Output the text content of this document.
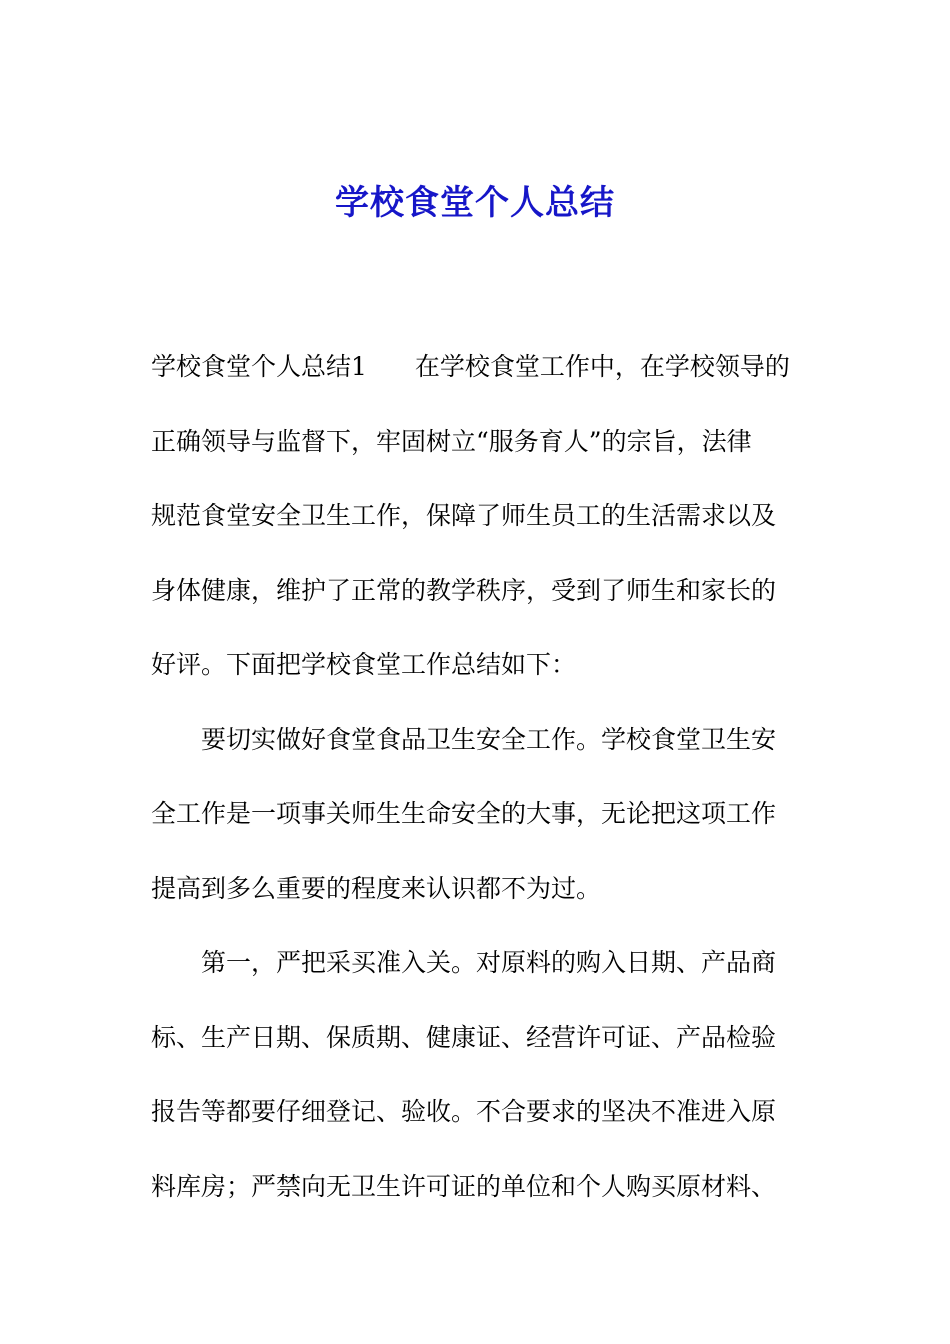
学校食堂个人总结
学校食堂个人总结1 在学校食堂工作中，在学校领导的
正确领导与监督下，牢固树立“服务育人”的宗旨，法律
规范食堂安全卫生工作，保障了师生员工的生活需求以及
身体健康，维护了正常的教学秩序，受到了师生和家长的
好评。下面把学校食堂工作总结如下：
　　要切实做好食堂食品卫生安全工作。学校食堂卫生安
全工作是一项事关师生生命安全的大事，无论把这项工作
提高到多么重要的程度来认识都不为过。
　　第一，严把采买准入关。对原料的购入日期、产品商
标、生产日期、保质期、健康证、经营许可证、产品检验
报告等都要仔细登记、验收。不合要求的坚决不准进入原
料库房；严禁向无卫生许可证的单位和个人购买原材料、
